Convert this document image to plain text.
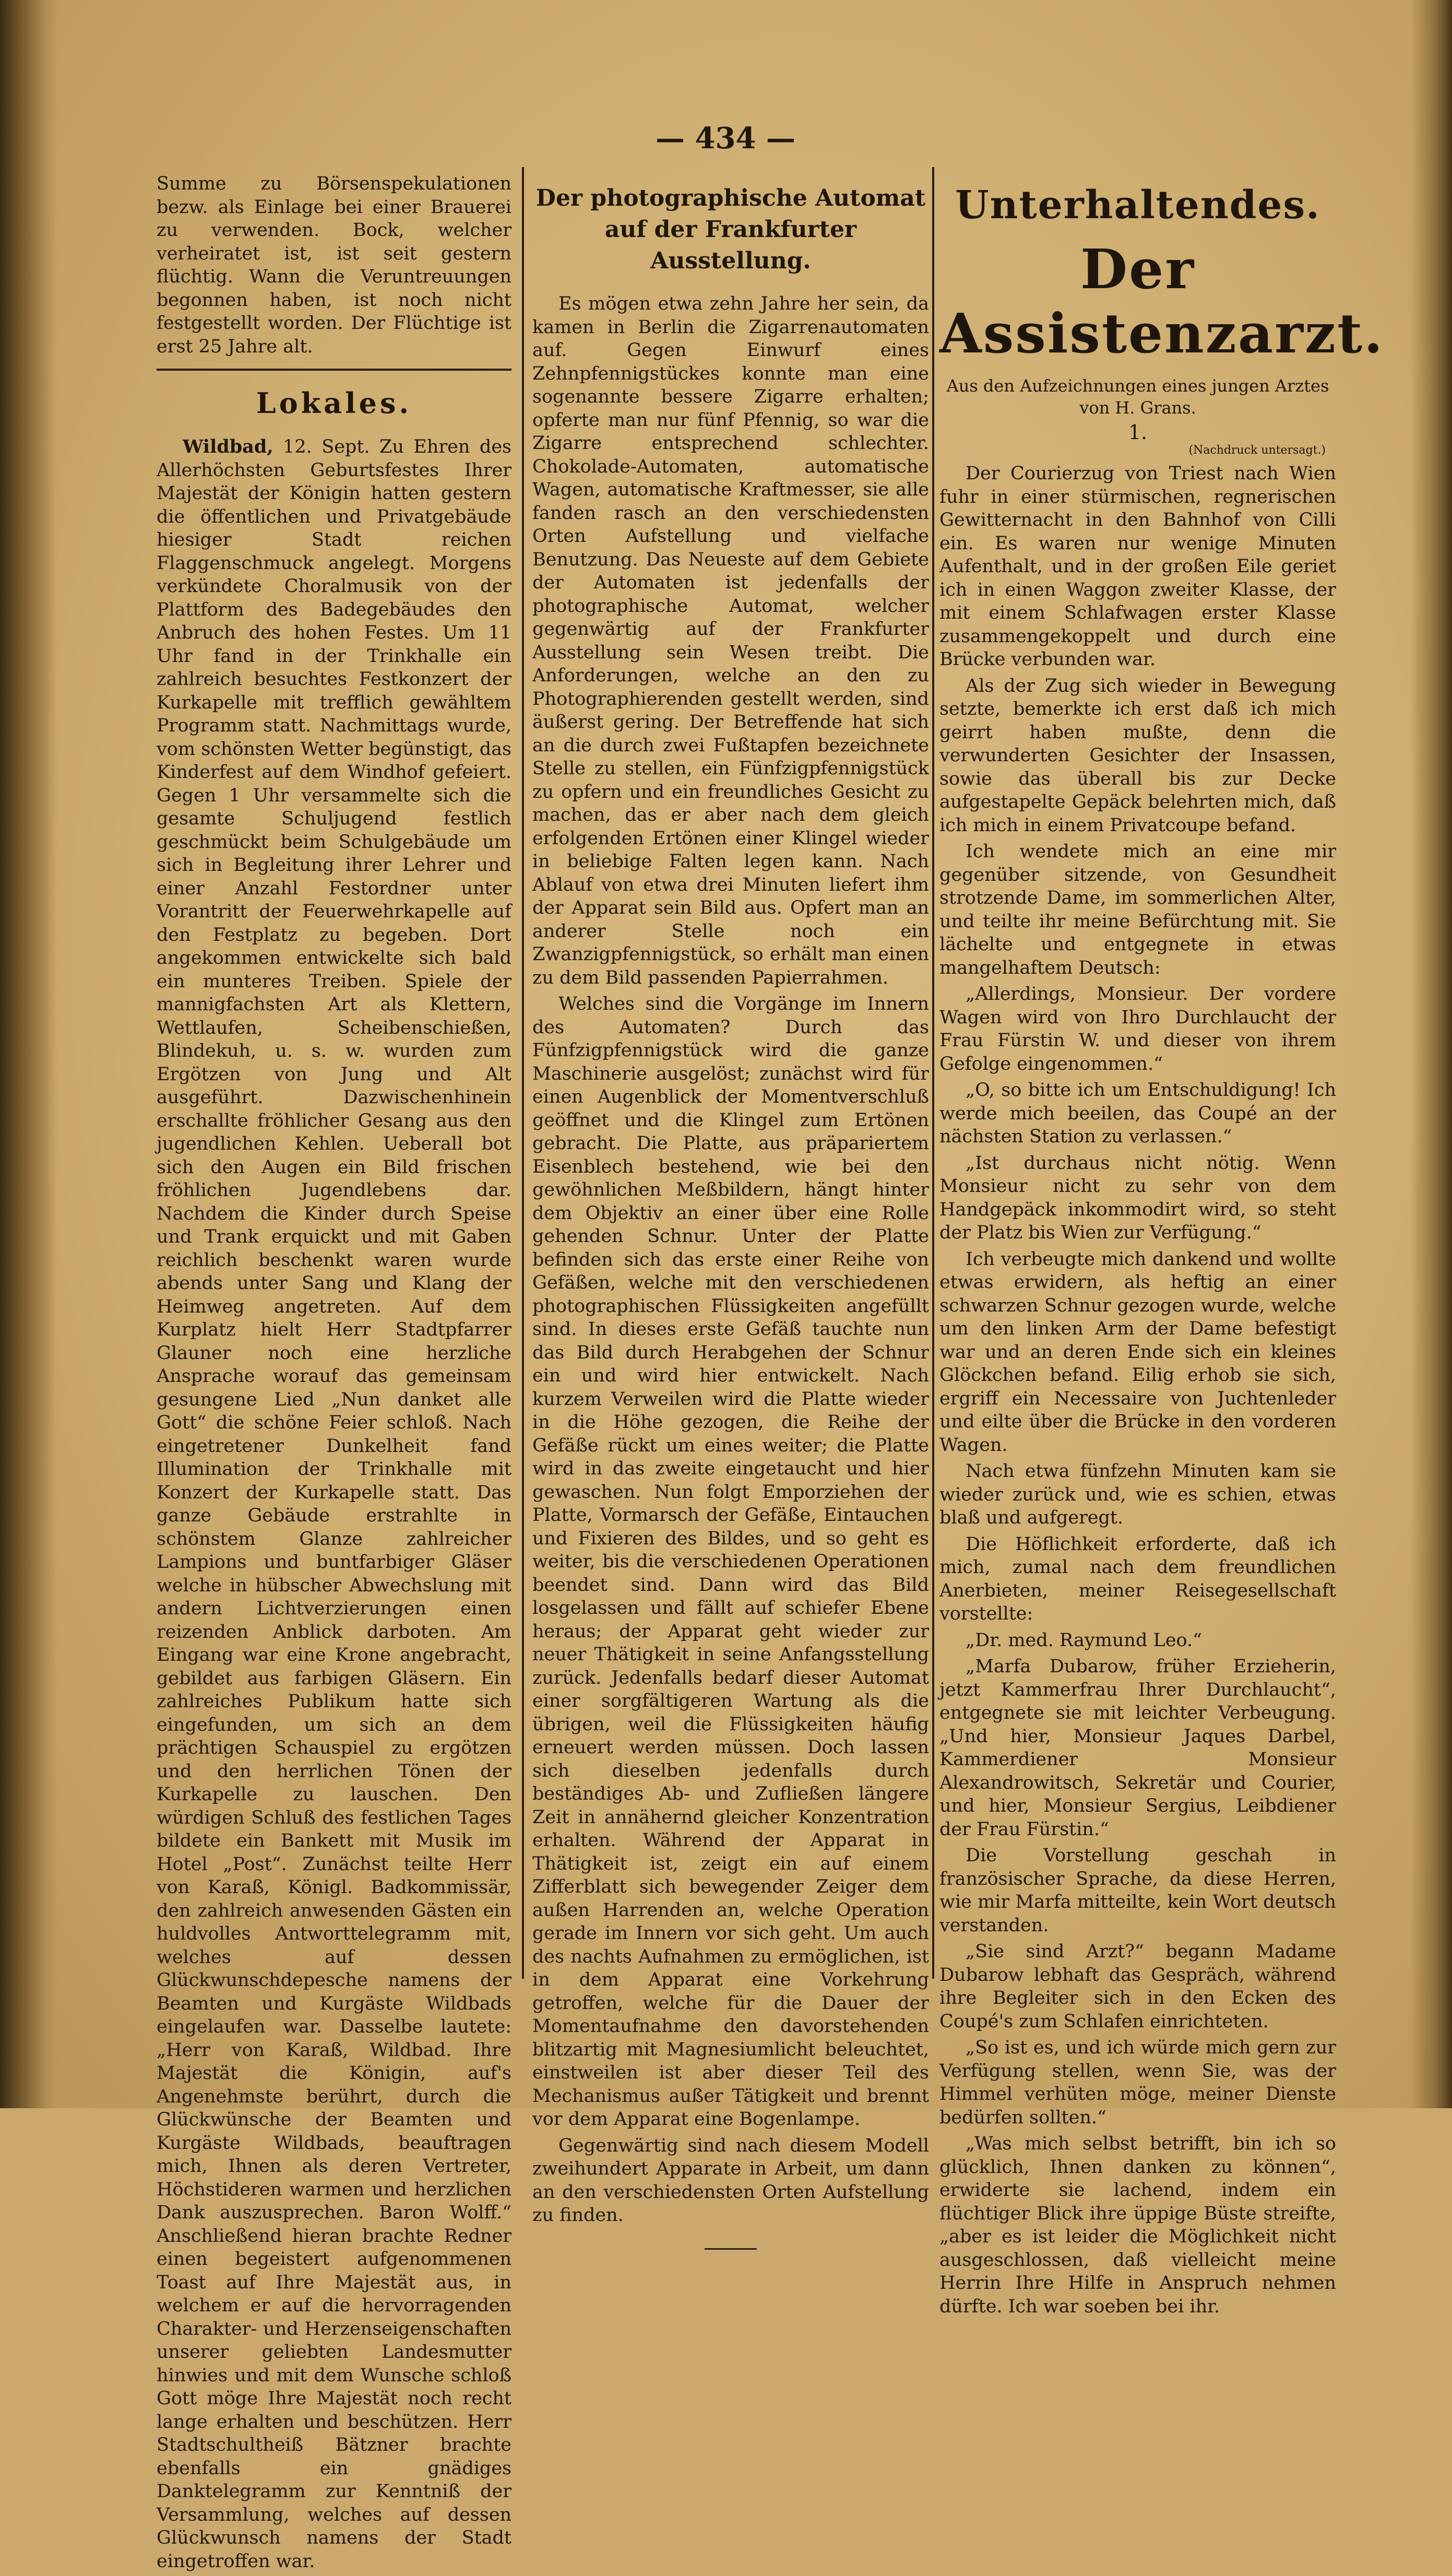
— 434 —

Summe zu Börsenspekulationen bezw. als Einlage bei einer Brauerei zu verwenden. Bock, welcher verheiratet ist, ist seit gestern flüchtig. Wann die Veruntreuungen begonnen haben, ist noch nicht festgestellt worden. Der Flüchtige ist erst 25 Jahre alt.

Lokales.

Wildbad, 12. Sept. Zu Ehren des Allerhöchsten Geburtsfestes Ihrer Majestät der Königin hatten gestern die öffentlichen und Privatgebäude hiesiger Stadt reichen Flaggenschmuck angelegt. Morgens verkündete Choralmusik von der Plattform des Badegebäudes den Anbruch des hohen Festes. Um 11 Uhr fand in der Trinkhalle ein zahlreich besuchtes Festkonzert der Kurkapelle mit trefflich gewähltem Programm statt. Nachmittags wurde, vom schönsten Wetter begünstigt, das Kinderfest auf dem Windhof gefeiert. Gegen 1 Uhr versammelte sich die gesamte Schuljugend festlich geschmückt beim Schulgebäude um sich in Begleitung ihrer Lehrer und einer Anzahl Festordner unter Vorantritt der Feuerwehrkapelle auf den Festplatz zu begeben. Dort angekommen entwickelte sich bald ein munteres Treiben. Spiele der mannigfachsten Art als Klettern, Wettlaufen, Scheibenschießen, Blindekuh, u. s. w. wurden zum Ergötzen von Jung und Alt ausgeführt. Dazwischenhinein erschallte fröhlicher Gesang aus den jugendlichen Kehlen. Ueberall bot sich den Augen ein Bild frischen fröhlichen Jugendlebens dar. Nachdem die Kinder durch Speise und Trank erquickt und mit Gaben reichlich beschenkt waren wurde abends unter Sang und Klang der Heimweg angetreten. Auf dem Kurplatz hielt Herr Stadtpfarrer Glauner noch eine herzliche Ansprache worauf das gemeinsam gesungene Lied „Nun danket alle Gott“ die schöne Feier schloß. Nach eingetretener Dunkelheit fand Illumination der Trinkhalle mit Konzert der Kurkapelle statt. Das ganze Gebäude erstrahlte in schönstem Glanze zahlreicher Lampions und buntfarbiger Gläser welche in hübscher Abwechslung mit andern Lichtverzierungen einen reizenden Anblick darboten. Am Eingang war eine Krone angebracht, gebildet aus farbigen Gläsern. Ein zahlreiches Publikum hatte sich eingefunden, um sich an dem prächtigen Schauspiel zu ergötzen und den herrlichen Tönen der Kurkapelle zu lauschen. Den würdigen Schluß des festlichen Tages bildete ein Bankett mit Musik im Hotel „Post“. Zunächst teilte Herr von Karaß, Königl. Badkommissär, den zahlreich anwesenden Gästen ein huldvolles Antworttelegramm mit, welches auf dessen Glückwunschdepesche namens der Beamten und Kurgäste Wildbads eingelaufen war. Dasselbe lautete: „Herr von Karaß, Wildbad. Ihre Majestät die Königin, auf's Angenehmste berührt, durch die Glückwünsche der Beamten und Kurgäste Wildbads, beauftragen mich, Ihnen als deren Vertreter, Höchstideren warmen und herzlichen Dank auszusprechen. Baron Wolff.“ Anschließend hieran brachte Redner einen begeistert aufgenommenen Toast auf Ihre Majestät aus, in welchem er auf die hervorragenden Charakter- und Herzenseigenschaften unserer geliebten Landesmutter hinwies und mit dem Wunsche schloß Gott möge Ihre Majestät noch recht lange erhalten und beschützen. Herr Stadtschultheiß Bätzner brachte ebenfalls ein gnädiges Danktelegramm zur Kenntniß der Versammlung, welches auf dessen Glückwunsch namens der Stadt eingetroffen war.

Der photographische Automat auf der Frankfurter Ausstellung.

Es mögen etwa zehn Jahre her sein, da kamen in Berlin die Zigarrenautomaten auf. Gegen Einwurf eines Zehnpfennigstückes konnte man eine sogenannte bessere Zigarre erhalten; opferte man nur fünf Pfennig, so war die Zigarre entsprechend schlechter. Chokolade-Automaten, automatische Wagen, automatische Kraftmesser, sie alle fanden rasch an den verschiedensten Orten Aufstellung und vielfache Benutzung. Das Neueste auf dem Gebiete der Automaten ist jedenfalls der photographische Automat, welcher gegenwärtig auf der Frankfurter Ausstellung sein Wesen treibt. Die Anforderungen, welche an den zu Photographierenden gestellt werden, sind äußerst gering. Der Betreffende hat sich an die durch zwei Fußtapfen bezeichnete Stelle zu stellen, ein Fünfzigpfennigstück zu opfern und ein freundliches Gesicht zu machen, das er aber nach dem gleich erfolgenden Ertönen einer Klingel wieder in beliebige Falten legen kann. Nach Ablauf von etwa drei Minuten liefert ihm der Apparat sein Bild aus. Opfert man an anderer Stelle noch ein Zwanzigpfennigstück, so erhält man einen zu dem Bild passenden Papierrahmen.

Welches sind die Vorgänge im Innern des Automaten? Durch das Fünfzigpfennigstück wird die ganze Maschinerie ausgelöst; zunächst wird für einen Augenblick der Momentverschluß geöffnet und die Klingel zum Ertönen gebracht. Die Platte, aus präpariertem Eisenblech bestehend, wie bei den gewöhnlichen Meßbildern, hängt hinter dem Objektiv an einer über eine Rolle gehenden Schnur. Unter der Platte befinden sich das erste einer Reihe von Gefäßen, welche mit den verschiedenen photographischen Flüssigkeiten angefüllt sind. In dieses erste Gefäß tauchte nun das Bild durch Herabgehen der Schnur ein und wird hier entwickelt. Nach kurzem Verweilen wird die Platte wieder in die Höhe gezogen, die Reihe der Gefäße rückt um eines weiter; die Platte wird in das zweite eingetaucht und hier gewaschen. Nun folgt Emporziehen der Platte, Vormarsch der Gefäße, Eintauchen und Fixieren des Bildes, und so geht es weiter, bis die verschiedenen Operationen beendet sind. Dann wird das Bild losgelassen und fällt auf schiefer Ebene heraus; der Apparat geht wieder zur neuer Thätigkeit in seine Anfangsstellung zurück. Jedenfalls bedarf dieser Automat einer sorgfältigeren Wartung als die übrigen, weil die Flüssigkeiten häufig erneuert werden müssen. Doch lassen sich dieselben jedenfalls durch beständiges Ab- und Zufließen längere Zeit in annähernd gleicher Konzentration erhalten. Während der Apparat in Thätigkeit ist, zeigt ein auf einem Zifferblatt sich bewegender Zeiger dem außen Harrenden an, welche Operation gerade im Innern vor sich geht. Um auch des nachts Aufnahmen zu ermöglichen, ist in dem Apparat eine Vorkehrung getroffen, welche für die Dauer der Momentaufnahme den davorstehenden blitzartig mit Magnesiumlicht beleuchtet, einstweilen ist aber dieser Teil des Mechanismus außer Tätigkeit und brennt vor dem Apparat eine Bogenlampe.

Gegenwärtig sind nach diesem Modell zweihundert Apparate in Arbeit, um dann an den verschiedensten Orten Aufstellung zu finden.

Unterhaltendes.
Der Assistenzarzt.
Aus den Aufzeichnungen eines jungen Arztes von H. Grans.
1.
(Nachdruck untersagt.)

Der Courierzug von Triest nach Wien fuhr in einer stürmischen, regnerischen Gewitternacht in den Bahnhof von Cilli ein. Es waren nur wenige Minuten Aufenthalt, und in der großen Eile geriet ich in einen Waggon zweiter Klasse, der mit einem Schlafwagen erster Klasse zusammengekoppelt und durch eine Brücke verbunden war.

Als der Zug sich wieder in Bewegung setzte, bemerkte ich erst daß ich mich geirrt haben mußte, denn die verwunderten Gesichter der Insassen, sowie das überall bis zur Decke aufgestapelte Gepäck belehrten mich, daß ich mich in einem Privatcoupe befand.

Ich wendete mich an eine mir gegenüber sitzende, von Gesundheit strotzende Dame, im sommerlichen Alter, und teilte ihr meine Befürchtung mit. Sie lächelte und entgegnete in etwas mangelhaftem Deutsch:

„Allerdings, Monsieur. Der vordere Wagen wird von Ihro Durchlaucht der Frau Fürstin W. und dieser von ihrem Gefolge eingenommen.“

„O, so bitte ich um Entschuldigung! Ich werde mich beeilen, das Coupé an der nächsten Station zu verlassen.“

„Ist durchaus nicht nötig. Wenn Monsieur nicht zu sehr von dem Handgepäck inkommodirt wird, so steht der Platz bis Wien zur Verfügung.“

Ich verbeugte mich dankend und wollte etwas erwidern, als heftig an einer schwarzen Schnur gezogen wurde, welche um den linken Arm der Dame befestigt war und an deren Ende sich ein kleines Glöckchen befand. Eilig erhob sie sich, ergriff ein Necessaire von Juchtenleder und eilte über die Brücke in den vorderen Wagen.

Nach etwa fünfzehn Minuten kam sie wieder zurück und, wie es schien, etwas blaß und aufgeregt.

Die Höflichkeit erforderte, daß ich mich, zumal nach dem freundlichen Anerbieten, meiner Reisegesellschaft vorstellte:

„Dr. med. Raymund Leo.“

„Marfa Dubarow, früher Erzieherin, jetzt Kammerfrau Ihrer Durchlaucht“, entgegnete sie mit leichter Verbeugung. „Und hier, Monsieur Jaques Darbel, Kammerdiener Monsieur Alexandrowitsch, Sekretär und Courier, und hier, Monsieur Sergius, Leibdiener der Frau Fürstin.“

Die Vorstellung geschah in französischer Sprache, da diese Herren, wie mir Marfa mitteilte, kein Wort deutsch verstanden.

„Sie sind Arzt?“ begann Madame Dubarow lebhaft das Gespräch, während ihre Begleiter sich in den Ecken des Coupé's zum Schlafen einrichteten.

„So ist es, und ich würde mich gern zur Verfügung stellen, wenn Sie, was der Himmel verhüten möge, meiner Dienste bedürfen sollten.“

„Was mich selbst betrifft, bin ich so glücklich, Ihnen danken zu können“, erwiderte sie lachend, indem ein flüchtiger Blick ihre üppige Büste streifte, „aber es ist leider die Möglichkeit nicht ausgeschlossen, daß vielleicht meine Herrin Ihre Hilfe in Anspruch nehmen dürfte. Ich war soeben bei ihr.
